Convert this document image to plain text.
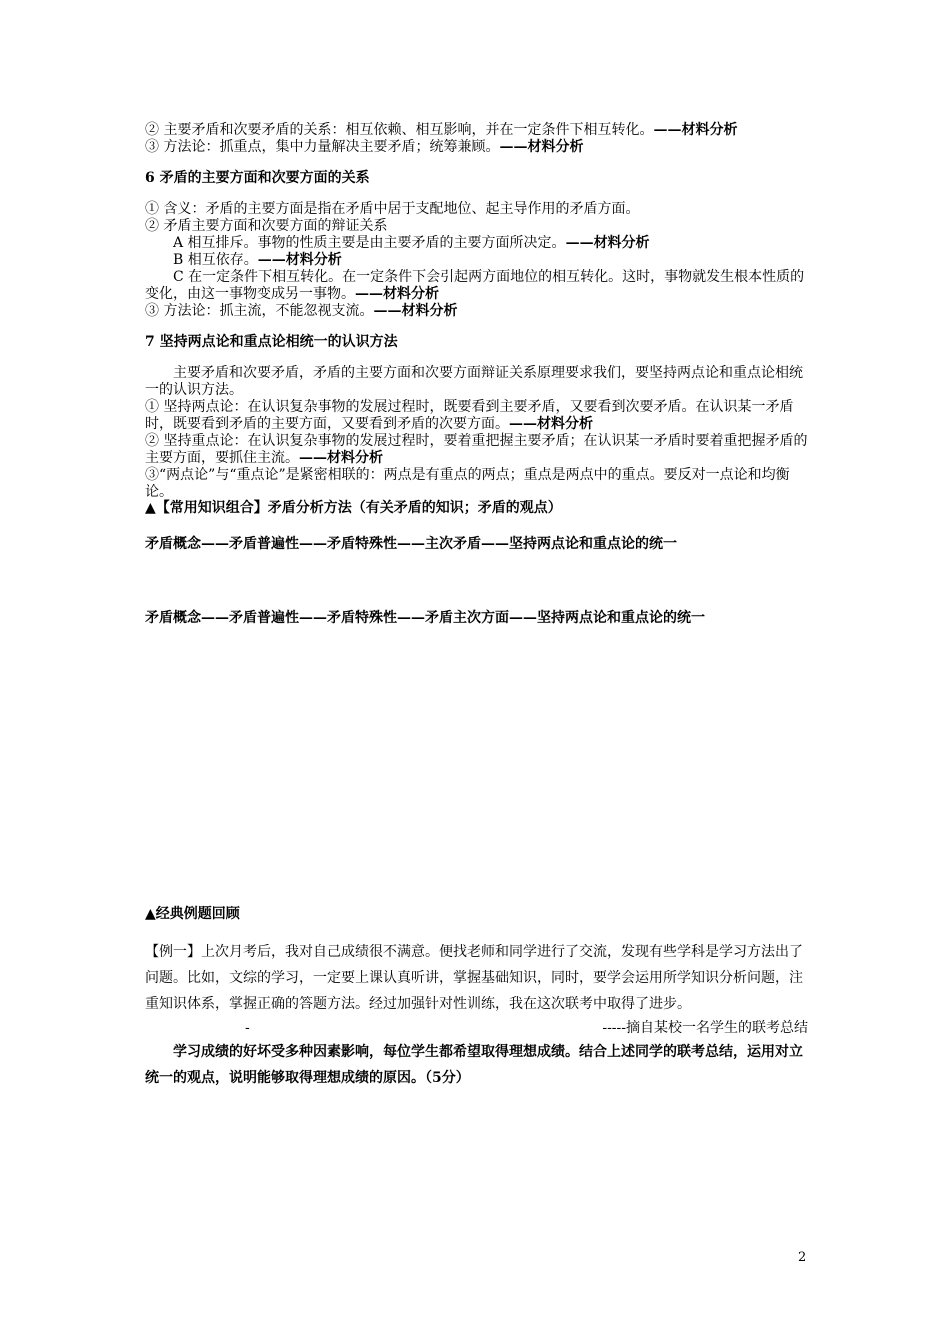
② 主要矛盾和次要矛盾的关系：相互依赖、相互影响，并在一定条件下相互转化。——材料分析

③ 方法论：抓重点，集中力量解决主要矛盾；统筹兼顾。——材料分析

6 矛盾的主要方面和次要方面的关系

① 含义：矛盾的主要方面是指在矛盾中居于支配地位、起主导作用的矛盾方面。

② 矛盾主要方面和次要方面的辩证关系

A 相互排斥。事物的性质主要是由主要矛盾的主要方面所决定。——材料分析

B 相互依存。——材料分析

C 在一定条件下相互转化。在一定条件下会引起两方面地位的相互转化。这时，事物就发生根本性质的变化，由这一事物变成另一事物。——材料分析

③ 方法论：抓主流，不能忽视支流。——材料分析

7 坚持两点论和重点论相统一的认识方法

主要矛盾和次要矛盾，矛盾的主要方面和次要方面辩证关系原理要求我们，要坚持两点论和重点论相统一的认识方法。

① 坚持两点论：在认识复杂事物的发展过程时，既要看到主要矛盾，又要看到次要矛盾。在认识某一矛盾时，既要看到矛盾的主要方面，又要看到矛盾的次要方面。——材料分析

② 坚持重点论：在认识复杂事物的发展过程时，要着重把握主要矛盾；在认识某一矛盾时要着重把握矛盾的主要方面，要抓住主流。——材料分析

③“两点论”与“重点论”是紧密相联的：两点是有重点的两点；重点是两点中的重点。要反对一点论和均衡论。

▲【常用知识组合】矛盾分析方法（有关矛盾的知识；矛盾的观点）

矛盾概念——矛盾普遍性——矛盾特殊性——主次矛盾——坚持两点论和重点论的统一

矛盾概念——矛盾普遍性——矛盾特殊性——矛盾主次方面——坚持两点论和重点论的统一

▲经典例题回顾

【例一】上次月考后，我对自己成绩很不满意。便找老师和同学进行了交流，发现有些学科是学习方法出了问题。比如，文综的学习，一定要上课认真听讲，掌握基础知识，同时，要学会运用所学知识分析问题，注重知识体系，掌握正确的答题方法。经过加强针对性训练，我在这次联考中取得了进步。

-	-----摘自某校一名学生的联考总结

学习成绩的好坏受多种因素影响，每位学生都希望取得理想成绩。结合上述同学的联考总结，运用对立统一的观点，说明能够取得理想成绩的原因。（5分）

2
